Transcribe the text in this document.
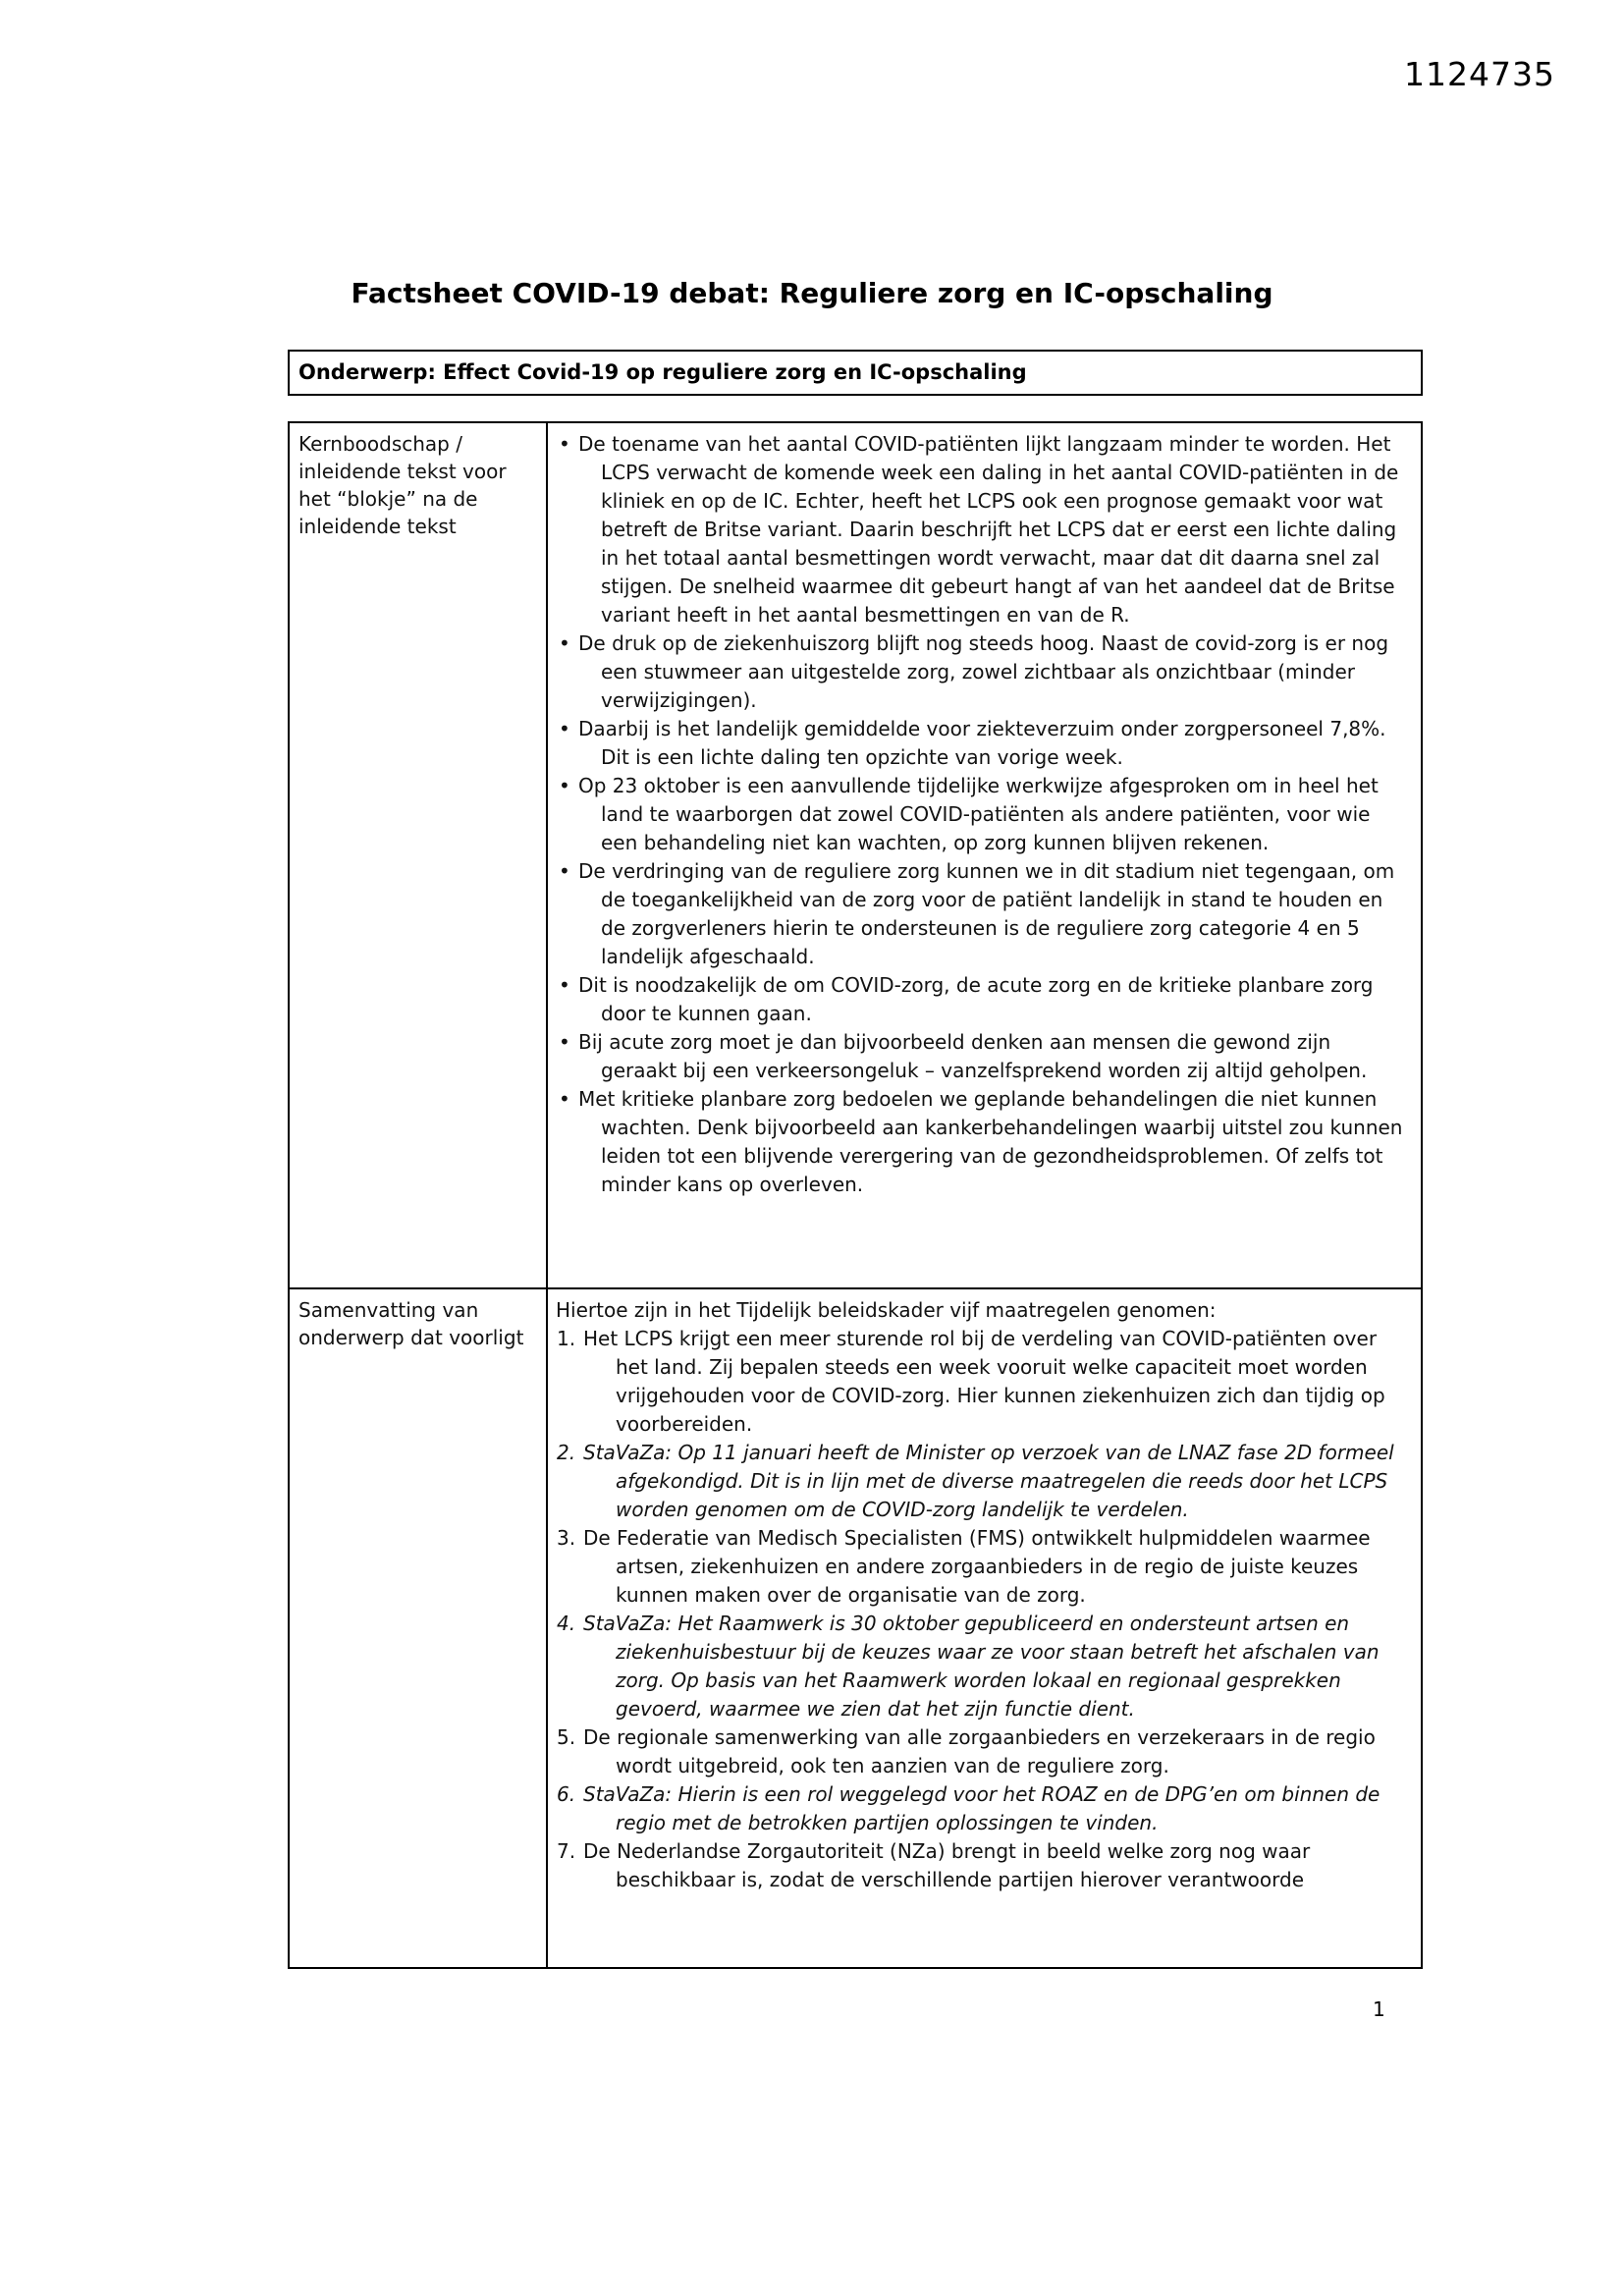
1124735
Factsheet COVID-19 debat: Reguliere zorg en IC-opschaling
Onderwerp: Effect Covid-19 op reguliere zorg en IC-opschaling
Kernboodschap / inleidende tekst voor het “blokje” na de inleidende tekst
• De toename van het aantal COVID-patiënten lijkt langzaam minder te worden. Het LCPS verwacht de komende week een daling in het aantal COVID-patiënten in de kliniek en op de IC. Echter, heeft het LCPS ook een prognose gemaakt voor wat betreft de Britse variant. Daarin beschrijft het LCPS dat er eerst een lichte daling in het totaal aantal besmettingen wordt verwacht, maar dat dit daarna snel zal stijgen. De snelheid waarmee dit gebeurt hangt af van het aandeel dat de Britse variant heeft in het aantal besmettingen en van de R.
• De druk op de ziekenhuiszorg blijft nog steeds hoog. Naast de covid-zorg is er nog een stuwmeer aan uitgestelde zorg, zowel zichtbaar als onzichtbaar (minder verwijzigingen).
• Daarbij is het landelijk gemiddelde voor ziekteverzuim onder zorgpersoneel 7,8%. Dit is een lichte daling ten opzichte van vorige week.
• Op 23 oktober is een aanvullende tijdelijke werkwijze afgesproken om in heel het land te waarborgen dat zowel COVID-patiënten als andere patiënten, voor wie een behandeling niet kan wachten, op zorg kunnen blijven rekenen.
• De verdringing van de reguliere zorg kunnen we in dit stadium niet tegengaan, om de toegankelijkheid van de zorg voor de patiënt landelijk in stand te houden en de zorgverleners hierin te ondersteunen is de reguliere zorg categorie 4 en 5 landelijk afgeschaald.
• Dit is noodzakelijk de om COVID-zorg, de acute zorg en de kritieke planbare zorg door te kunnen gaan.
• Bij acute zorg moet je dan bijvoorbeeld denken aan mensen die gewond zijn geraakt bij een verkeersongeluk – vanzelfsprekend worden zij altijd geholpen.
• Met kritieke planbare zorg bedoelen we geplande behandelingen die niet kunnen wachten. Denk bijvoorbeeld aan kankerbehandelingen waarbij uitstel zou kunnen leiden tot een blijvende verergering van de gezondheidsproblemen. Of zelfs tot minder kans op overleven.
Samenvatting van onderwerp dat voorligt

Hiertoe zijn in het Tijdelijk beleidskader vijf maatregelen genomen:

1. Het LCPS krijgt een meer sturende rol bij de verdeling van COVID-patiënten over het land. Zij bepalen steeds een week vooruit welke capaciteit moet worden vrijgehouden voor de COVID-zorg. Hier kunnen ziekenhuizen zich dan tijdig op voorbereiden.
2. StaVaZa: Op 11 januari heeft de Minister op verzoek van de LNAZ fase 2D formeel afgekondigd. Dit is in lijn met de diverse maatregelen die reeds door het LCPS worden genomen om de COVID-zorg landelijk te verdelen.
3. De Federatie van Medisch Specialisten (FMS) ontwikkelt hulpmiddelen waarmee artsen, ziekenhuizen en andere zorgaanbieders in de regio de juiste keuzes kunnen maken over de organisatie van de zorg.
4. StaVaZa: Het Raamwerk is 30 oktober gepubliceerd en ondersteunt artsen en ziekenhuisbestuur bij de keuzes waar ze voor staan betreft het afschalen van zorg. Op basis van het Raamwerk worden lokaal en regionaal gesprekken gevoerd, waarmee we zien dat het zijn functie dient.
5. De regionale samenwerking van alle zorgaanbieders en verzekeraars in de regio wordt uitgebreid, ook ten aanzien van de reguliere zorg.
6. StaVaZa: Hierin is een rol weggelegd voor het ROAZ en de DPG’en om binnen de regio met de betrokken partijen oplossingen te vinden.
7. De Nederlandse Zorgautoriteit (NZa) brengt in beeld welke zorg nog waar beschikbaar is, zodat de verschillende partijen hierover verantwoorde
1
